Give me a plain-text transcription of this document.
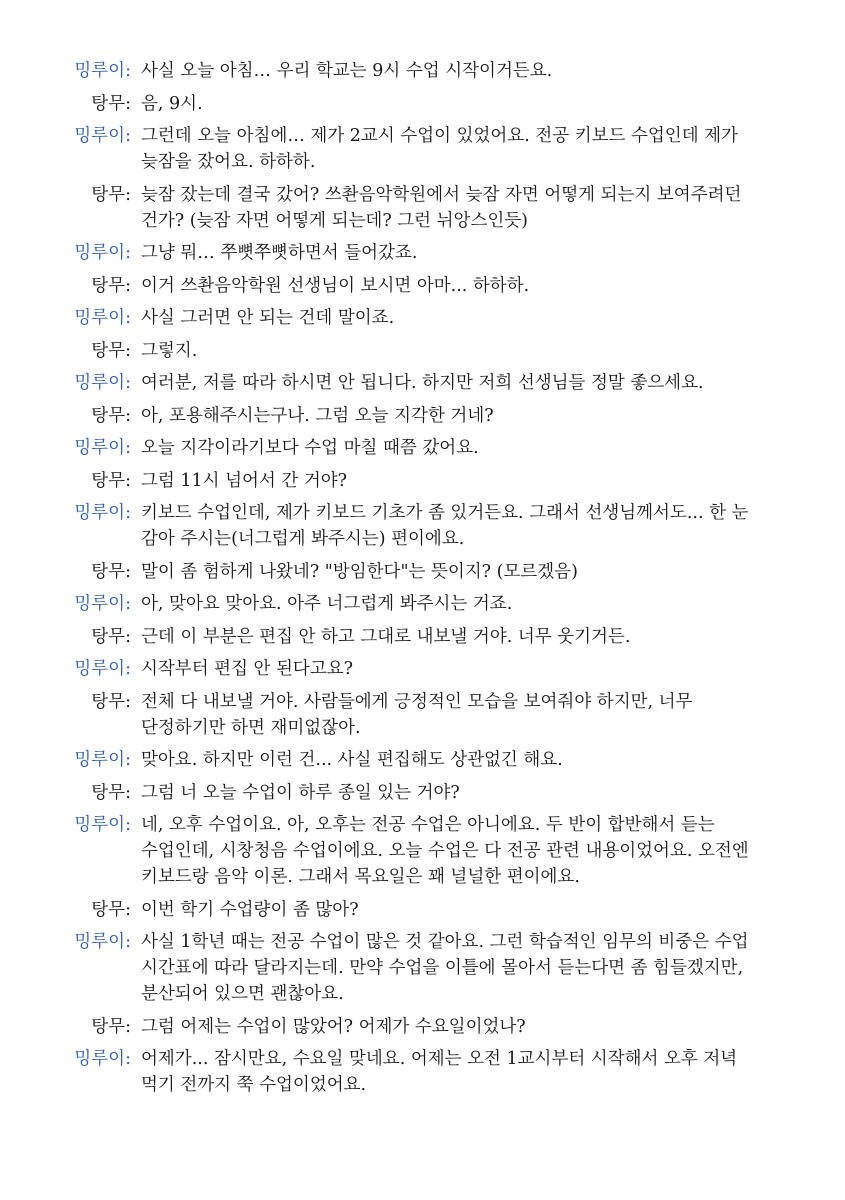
밍루이: 사실 오늘 아침… 우리 학교는 9시 수업 시작이거든요.
탕무: 음, 9시.
밍루이: 그런데 오늘 아침에… 제가 2교시 수업이 있었어요. 전공 키보드 수업인데 제가 늦잠을 잤어요. 하하하.
탕무: 늦잠 잤는데 결국 갔어? 쓰촨음악학원에서 늦잠 자면 어떻게 되는지 보여주려던 건가? (늦잠 자면 어떻게 되는데? 그런 뉘앙스인듯)
밍루이: 그냥 뭐… 쭈뼛쭈뼛하면서 들어갔죠.
탕무: 이거 쓰촨음악학원 선생님이 보시면 아마... 하하하.
밍루이: 사실 그러면 안 되는 건데 말이죠.
탕무: 그렇지.
밍루이: 여러분, 저를 따라 하시면 안 됩니다. 하지만 저희 선생님들 정말 좋으세요.
탕무: 아, 포용해주시는구나. 그럼 오늘 지각한 거네?
밍루이: 오늘 지각이라기보다 수업 마칠 때쯤 갔어요.
탕무: 그럼 11시 넘어서 간 거야?
밍루이: 키보드 수업인데, 제가 키보드 기초가 좀 있거든요. 그래서 선생님께서도... 한 눈 감아 주시는(너그럽게 봐주시는) 편이에요.
탕무: 말이 좀 험하게 나왔네? "방임한다"는 뜻이지? (모르겠음)
밍루이: 아, 맞아요 맞아요. 아주 너그럽게 봐주시는 거죠.
탕무: 근데 이 부분은 편집 안 하고 그대로 내보낼 거야. 너무 웃기거든.
밍루이: 시작부터 편집 안 된다고요?
탕무: 전체 다 내보낼 거야. 사람들에게 긍정적인 모습을 보여줘야 하지만, 너무 단정하기만 하면 재미없잖아.
밍루이: 맞아요. 하지만 이런 건... 사실 편집해도 상관없긴 해요.
탕무: 그럼 너 오늘 수업이 하루 종일 있는 거야?
밍루이: 네, 오후 수업이요. 아, 오후는 전공 수업은 아니에요. 두 반이 합반해서 듣는 수업인데, 시창청음 수업이에요. 오늘 수업은 다 전공 관련 내용이었어요. 오전엔 키보드랑 음악 이론. 그래서 목요일은 꽤 널널한 편이에요.
탕무: 이번 학기 수업량이 좀 많아?
밍루이: 사실 1학년 때는 전공 수업이 많은 것 같아요. 그런 학습적인 임무의 비중은 수업 시간표에 따라 달라지는데. 만약 수업을 이틀에 몰아서 듣는다면 좀 힘들겠지만, 분산되어 있으면 괜찮아요.
탕무: 그럼 어제는 수업이 많았어? 어제가 수요일이었나?
밍루이: 어제가... 잠시만요, 수요일 맞네요. 어제는 오전 1교시부터 시작해서 오후 저녁 먹기 전까지 쭉 수업이었어요.
